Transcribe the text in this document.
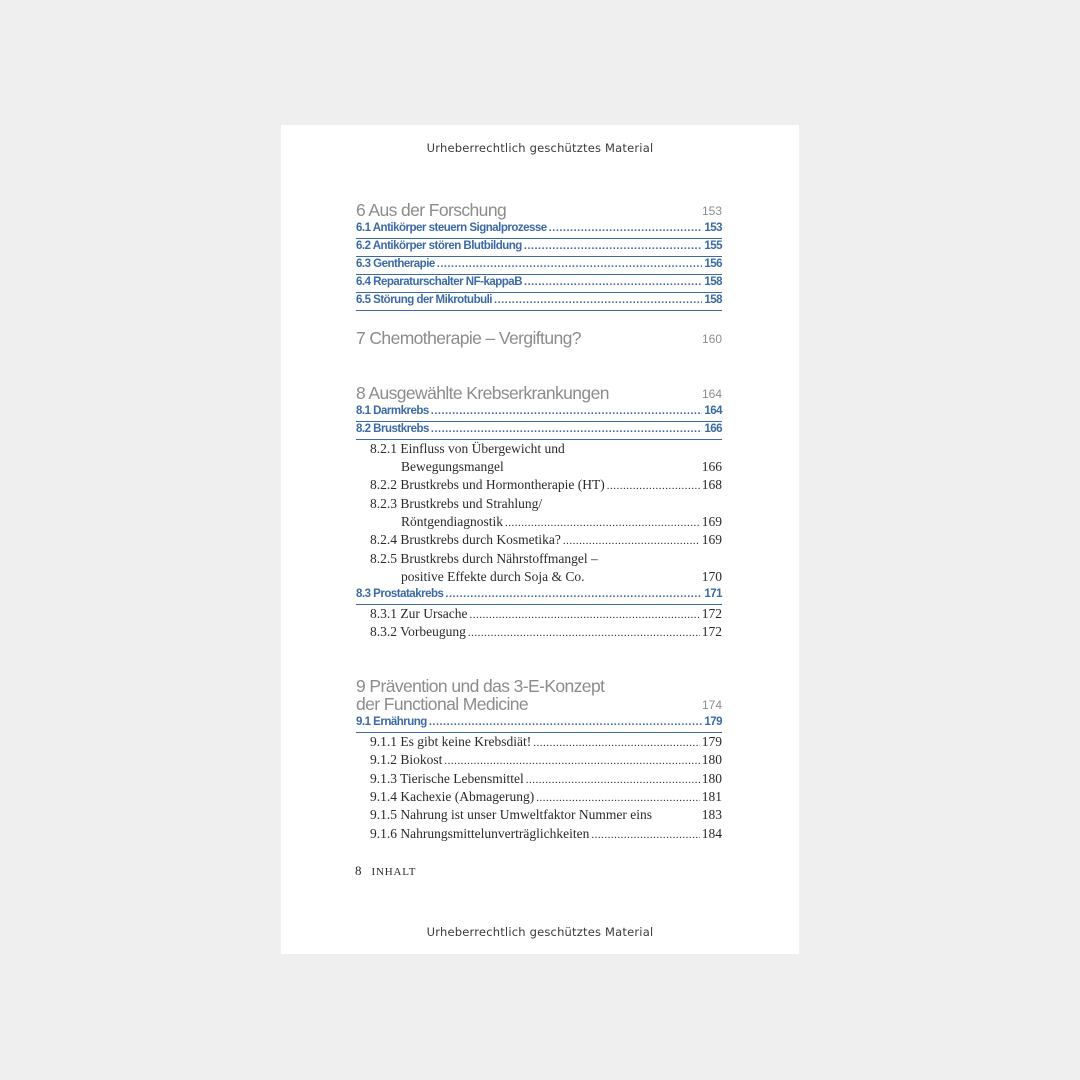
Urheberrechtlich geschütztes Material
6 Aus der Forschung	153
6.1 Antikörper steuern Signalprozesse .....	153
6.2 Antikörper stören Blutbildung .....	155
6.3 Gentherapie .....	156
6.4 Reparaturschalter NF-kappaB .....	158
6.5 Störung der Mikrotubuli .....	158
7 Chemotherapie – Vergiftung?	160
8 Ausgewählte Krebserkrankungen	164
8.1 Darmkrebs .....	164
8.2 Brustkrebs .....	166
8.2.1 Einfluss von Übergewicht und
Bewegungsmangel	166
8.2.2 Brustkrebs und Hormontherapie (HT) .....	168
8.2.3 Brustkrebs und Strahlung/
Röntgendiagnostik .....	169
8.2.4 Brustkrebs durch Kosmetika? .....	169
8.2.5 Brustkrebs durch Nährstoffmangel –
positive Effekte durch Soja & Co.	170
8.3 Prostatakrebs .....	171
8.3.1 Zur Ursache .....	172
8.3.2 Vorbeugung .....	172
9 Prävention und das 3-E-Konzept
der Functional Medicine	174
9.1 Ernährung .....	179
9.1.1 Es gibt keine Krebsdiät! .....	179
9.1.2 Biokost .....	180
9.1.3 Tierische Lebensmittel .....	180
9.1.4 Kachexie (Abmagerung) .....	181
9.1.5 Nahrung ist unser Umweltfaktor Nummer eins	183
9.1.6 Nahrungsmittelunverträglichkeiten .....	184
8 INHALT
Urheberrechtlich geschütztes Material
